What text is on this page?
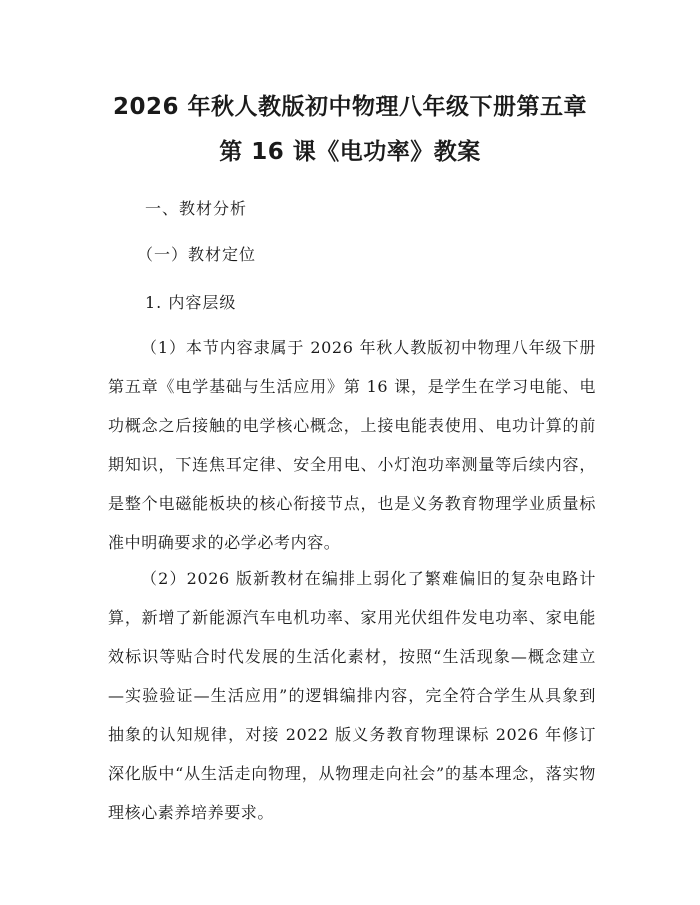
2026 年秋人教版初中物理八年级下册第五章
第 16 课《电功率》教案
一、教材分析
（一）教材定位
1. 内容层级
（1）本节内容隶属于 2026 年秋人教版初中物理八年级下册第五章《电学基础与生活应用》第 16 课，是学生在学习电能、电功概念之后接触的电学核心概念，上接电能表使用、电功计算的前期知识，下连焦耳定律、安全用电、小灯泡功率测量等后续内容，是整个电磁能板块的核心衔接节点，也是义务教育物理学业质量标准中明确要求的必学必考内容。
（2）2026 版新教材在编排上弱化了繁难偏旧的复杂电路计算，新增了新能源汽车电机功率、家用光伏组件发电功率、家电能效标识等贴合时代发展的生活化素材，按照“生活现象—概念建立—实验验证—生活应用”的逻辑编排内容，完全符合学生从具象到抽象的认知规律，对接 2022 版义务教育物理课标 2026 年修订深化版中“从生活走向物理，从物理走向社会”的基本理念，落实物理核心素养培养要求。
